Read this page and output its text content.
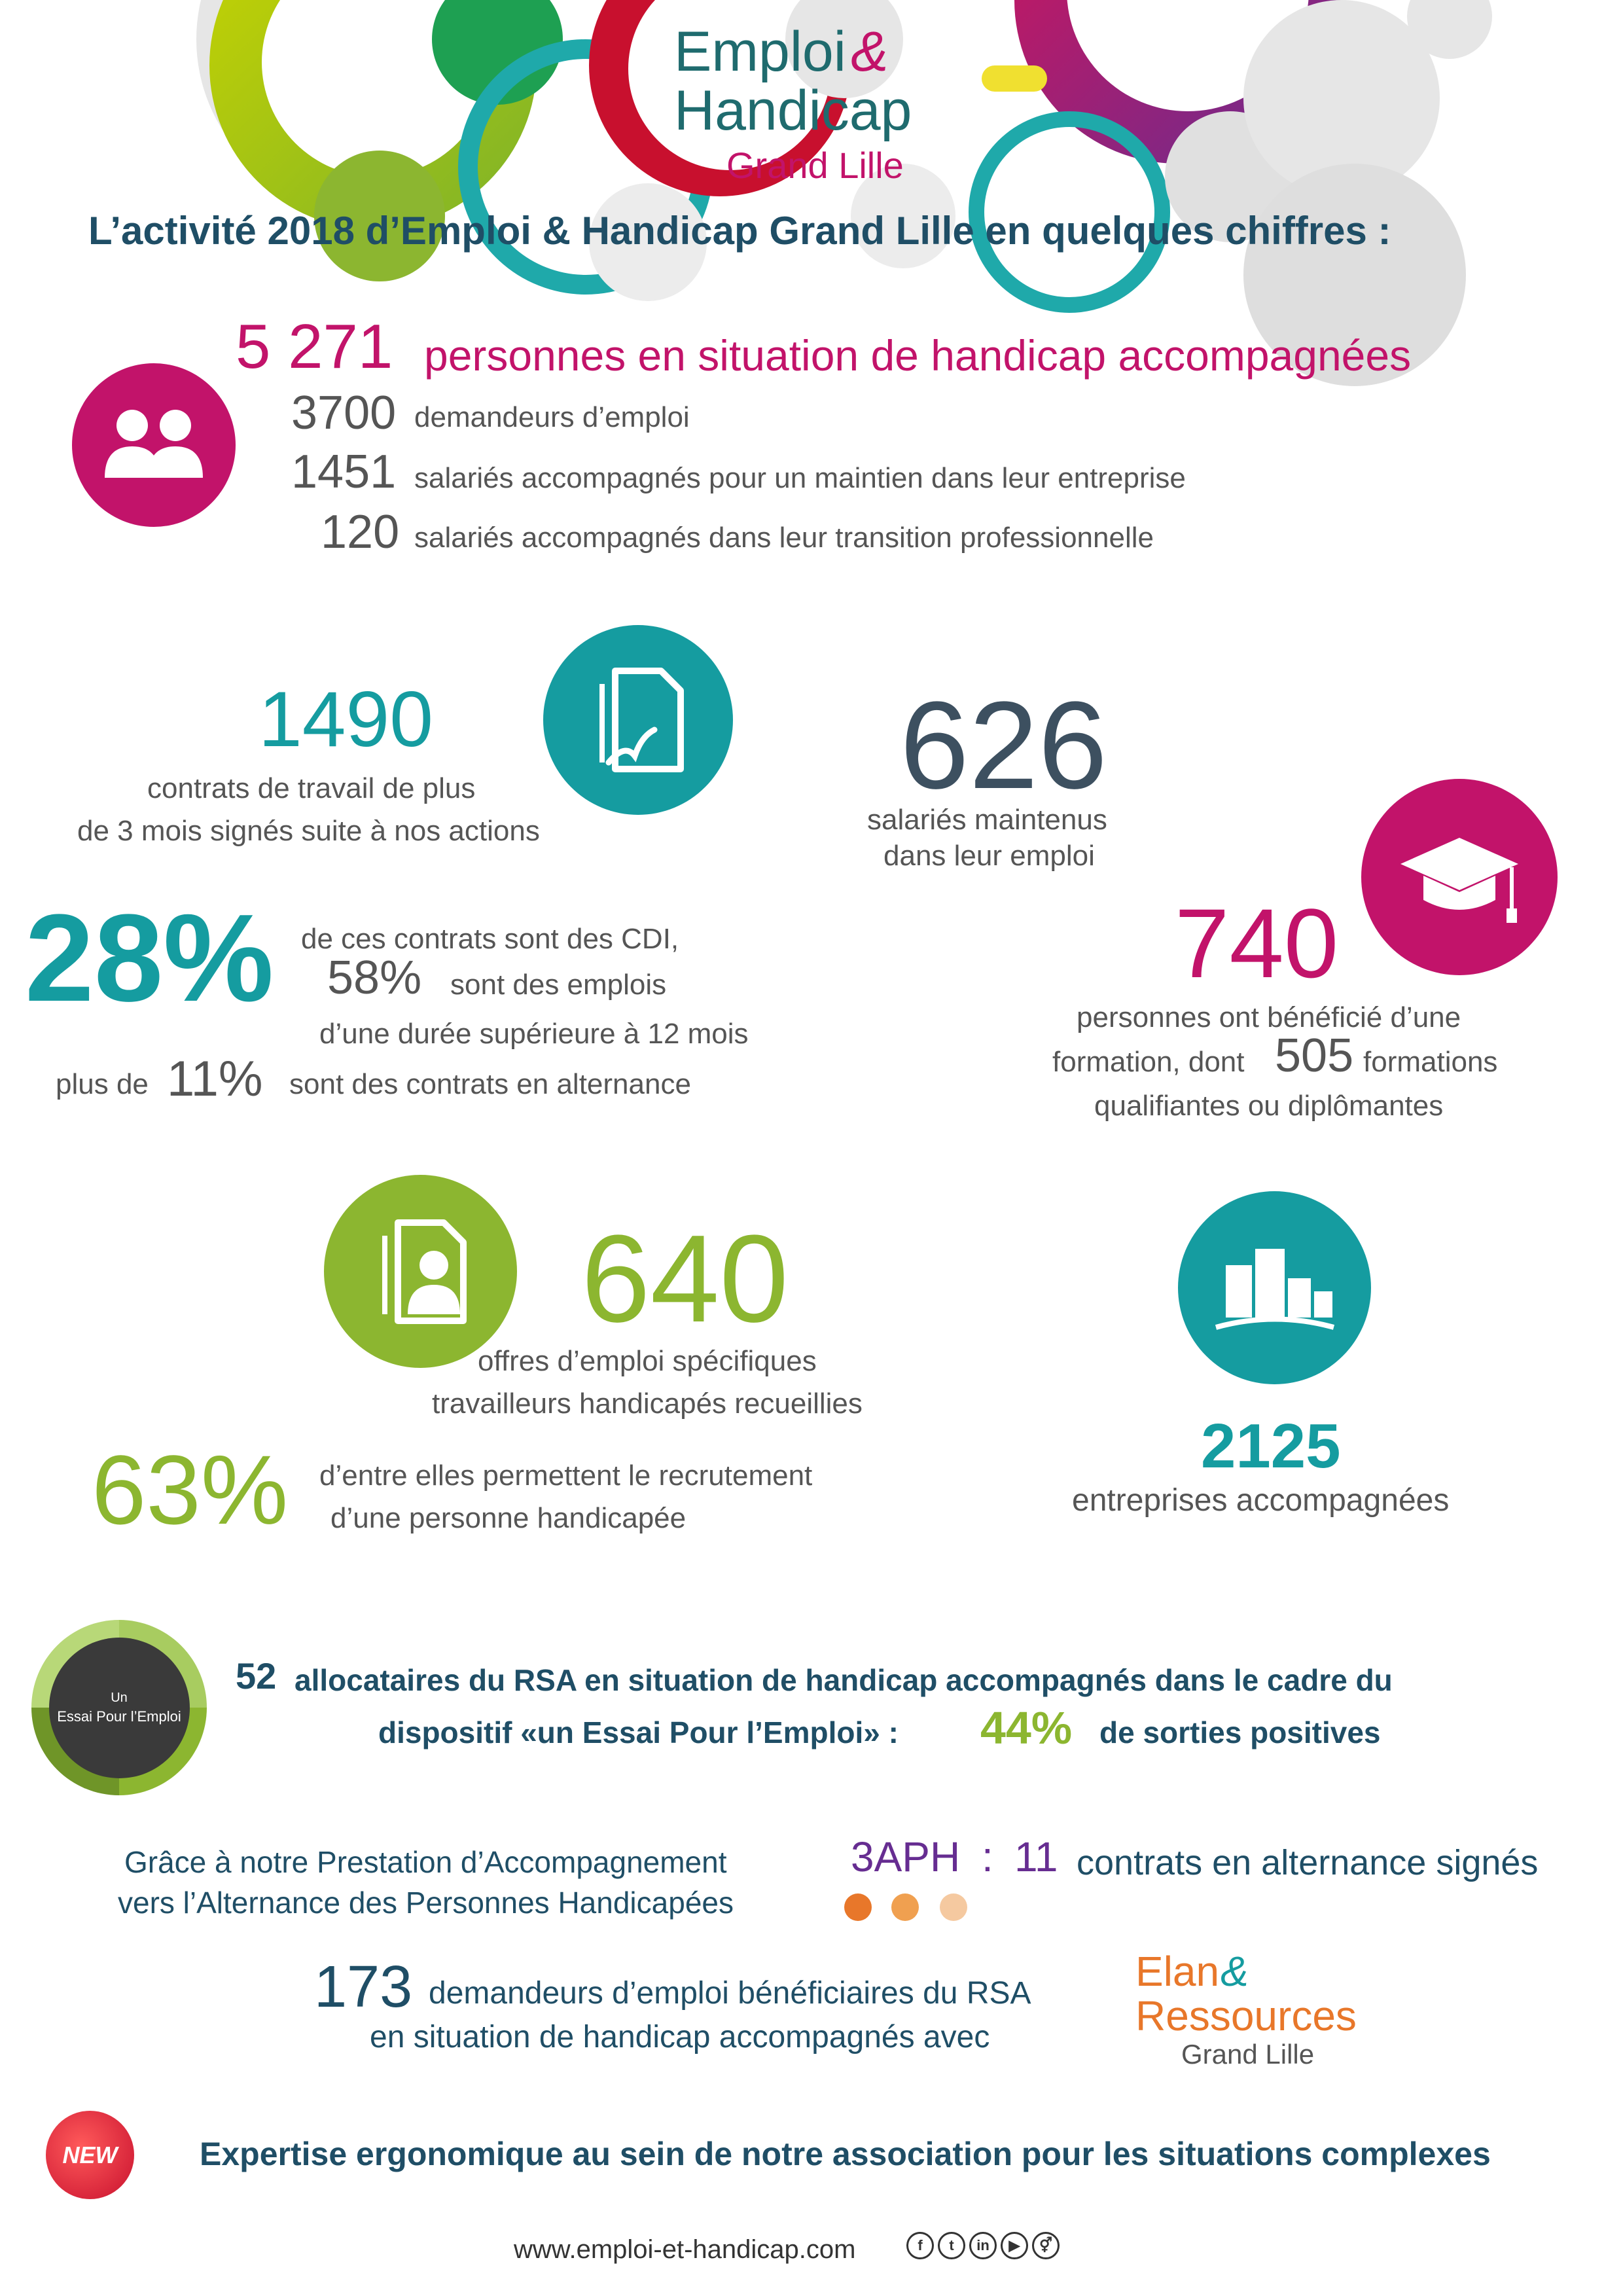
Emploi &
Handicap
Grand Lille
L’activité 2018 d’Emploi & Handicap Grand Lille en quelques chiffres :
5 271 personnes en situation de handicap accompagnées
3700 demandeurs d’emploi
1451 salariés accompagnés pour un maintien dans leur entreprise
120 salariés accompagnés dans leur transition professionnelle
1490
contrats de travail de plus
de 3 mois signés suite à nos actions
28% de ces contrats sont des CDI,
58% sont des emplois
d’une durée supérieure à 12 mois
plus de 11% sont des contrats en alternance
626
salariés maintenus
dans leur emploi
740
personnes ont bénéficié d’une
formation, dont 505 formations
qualifiantes ou diplômantes
640
offres d’emploi spécifiques
travailleurs handicapés recueillies
63% d’entre elles permettent le recrutement
d’une personne handicapée
2125
entreprises accompagnées
Un
Essai Pour l’Emploi
52 allocataires du RSA en situation de handicap accompagnés dans le cadre du
dispositif «un Essai Pour l’Emploi» : 44% de sorties positives
Grâce à notre Prestation d’Accompagnement
vers l’Alternance des Personnes Handicapées
3APH : 11 contrats en alternance signés
173 demandeurs d’emploi bénéficiaires du RSA
en situation de handicap accompagnés avec
Elan &
Ressources
Grand Lille
NEW	Expertise ergonomique au sein de notre association pour les situations complexes
www.emploi-et-handicap.com	f t in ▶ ⚥
